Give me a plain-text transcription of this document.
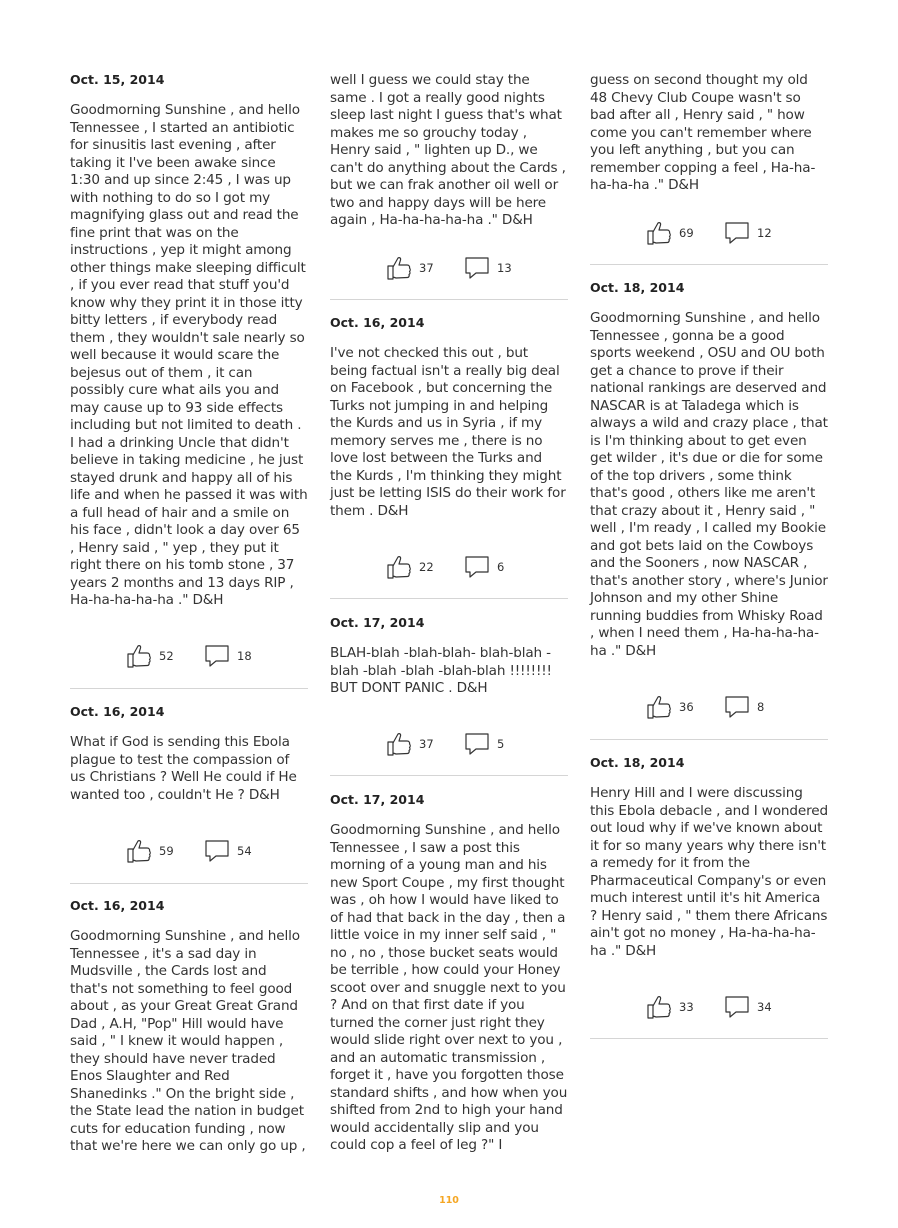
Oct. 15, 2014

Goodmorning Sunshine , and hello Tennessee , I started an antibiotic for sinusitis last evening , after taking it I've been awake since 1:30 and up since 2:45 , I was up with nothing to do so I got my magnifying glass out and read the fine print that was on the instructions , yep it might among other things make sleeping difficult , if you ever read that stuff you'd know why they print it in those itty bitty letters , if everybody read them , they wouldn't sale nearly so well because it would scare the bejesus out of them , it can possibly cure what ails you and may cause up to 93 side effects including but not limited to death . I had a drinking Uncle that didn't believe in taking medicine , he just stayed drunk and happy all of his life and when he passed it was with a full head of hair and a smile on his face , didn't look a day over 65 , Henry said , " yep , they put it right there on his tomb stone , 37 years 2 months and 13 days RIP , Ha-ha-ha-ha-ha ." D&H

52	18

Oct. 16, 2014

What if God is sending this Ebola plague to test the compassion of us Christians ? Well He could if He wanted too , couldn't He ? D&H

59	54

Oct. 16, 2014

Goodmorning Sunshine , and hello Tennessee , it's a sad day in Mudsville , the Cards lost and that's not something to feel good about , as your Great Great Grand Dad , A.H, "Pop" Hill would have said , " I knew it would happen , they should have never traded Enos Slaughter and Red Shanedinks ." On the bright side , the State lead the nation in budget cuts for education funding , now that we're here we can only go up ,

well I guess we could stay the same . I got a really good nights sleep last night I guess that's what makes me so grouchy today , Henry said , " lighten up D., we can't do anything about the Cards , but we can frak another oil well or two and happy days will be here again , Ha-ha-ha-ha-ha ." D&H

37	13

Oct. 16, 2014

I've not checked this out , but being factual isn't a really big deal on Facebook , but concerning the Turks not jumping in and helping the Kurds and us in Syria , if my memory serves me , there is no love lost between the Turks and the Kurds , I'm thinking they might just be letting ISIS do their work for them . D&H

22	6

Oct. 17, 2014

BLAH-blah -blah-blah- blah-blah -blah -blah -blah -blah-blah !!!!!!!! BUT DONT PANIC . D&H

37	5

Oct. 17, 2014

Goodmorning Sunshine , and hello Tennessee , I saw a post this morning of a young man and his new Sport Coupe , my first thought was , oh how I would have liked to of had that back in the day , then a little voice in my inner self said , " no , no , those bucket seats would be terrible , how could your Honey scoot over and snuggle next to you ? And on that first date if you turned the corner just right they would slide right over next to you , and an automatic transmission , forget it , have you forgotten those standard shifts , and how when you shifted from 2nd to high your hand would accidentally slip and you could cop a feel of leg ?" I

guess on second thought my old 48 Chevy Club Coupe wasn't so bad after all , Henry said , " how come you can't remember where you left anything , but you can remember copping a feel , Ha-ha-ha-ha-ha ." D&H

69	12

Oct. 18, 2014

Goodmorning Sunshine , and hello Tennessee , gonna be a good sports weekend , OSU and OU both get a chance to prove if their national rankings are deserved and NASCAR is at Taladega which is always a wild and crazy place , that is I'm thinking about to get even get wilder , it's due or die for some of the top drivers , some think that's good , others like me aren't that crazy about it , Henry said , " well , I'm ready , I called my Bookie and got bets laid on the Cowboys and the Sooners , now NASCAR , that's another story , where's Junior Johnson and my other Shine running buddies from Whisky Road , when I need them , Ha-ha-ha-ha-ha ." D&H

36	8

Oct. 18, 2014

Henry Hill and I were discussing this Ebola debacle , and I wondered out loud why if we've known about it for so many years why there isn't a remedy for it from the Pharmaceutical Company's or even much interest until it's hit America ? Henry said , " them there Africans ain't got no money , Ha-ha-ha-ha-ha ." D&H

33	34
110
